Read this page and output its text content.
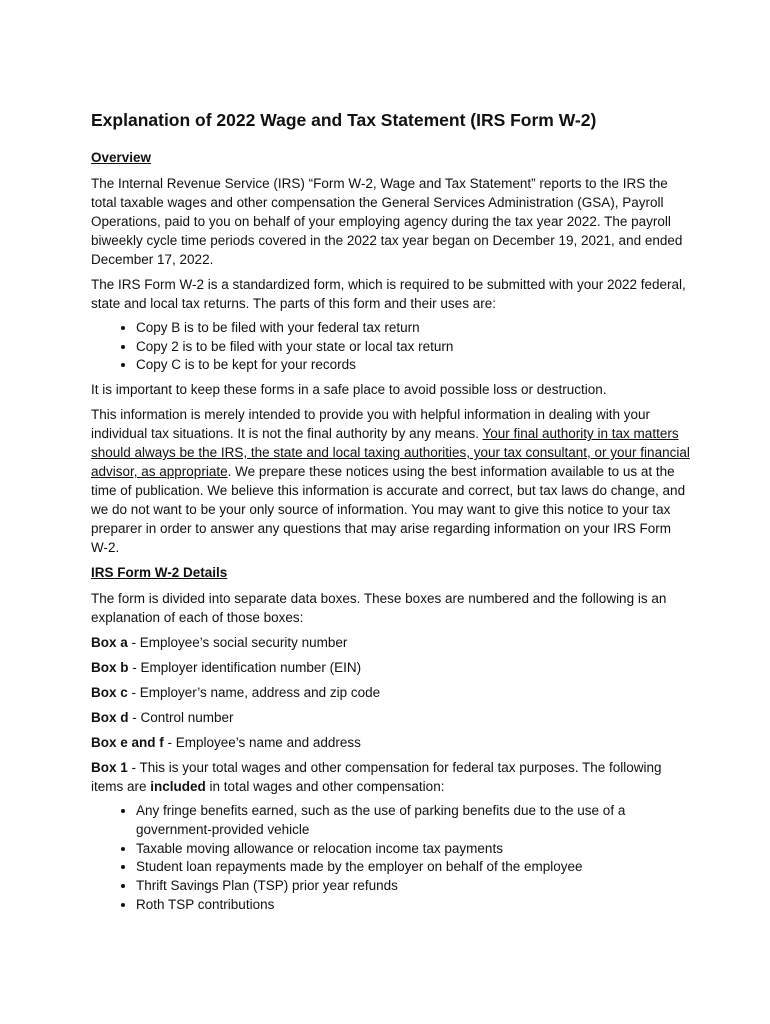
Explanation of 2022 Wage and Tax Statement (IRS Form W-2)
Overview

The Internal Revenue Service (IRS) “Form W-2, Wage and Tax Statement” reports to the IRS the total taxable wages and other compensation the General Services Administration (GSA), Payroll Operations, paid to you on behalf of your employing agency during the tax year 2022. The payroll biweekly cycle time periods covered in the 2022 tax year began on December 19, 2021, and ended December 17, 2022.

The IRS Form W-2 is a standardized form, which is required to be submitted with your 2022 federal, state and local tax returns. The parts of this form and their uses are:

• Copy B is to be filed with your federal tax return
• Copy 2 is to be filed with your state or local tax return
• Copy C is to be kept for your records

It is important to keep these forms in a safe place to avoid possible loss or destruction.

This information is merely intended to provide you with helpful information in dealing with your individual tax situations. It is not the final authority by any means. Your final authority in tax matters should always be the IRS, the state and local taxing authorities, your tax consultant, or your financial advisor, as appropriate. We prepare these notices using the best information available to us at the time of publication. We believe this information is accurate and correct, but tax laws do change, and we do not want to be your only source of information. You may want to give this notice to your tax preparer in order to answer any questions that may arise regarding information on your IRS Form W-2.

IRS Form W-2 Details

The form is divided into separate data boxes. These boxes are numbered and the following is an explanation of each of those boxes:

Box a - Employee’s social security number

Box b - Employer identification number (EIN)

Box c - Employer’s name, address and zip code

Box d - Control number

Box e and f - Employee’s name and address

Box 1 - This is your total wages and other compensation for federal tax purposes. The following items are included in total wages and other compensation:

• Any fringe benefits earned, such as the use of parking benefits due to the use of a government-provided vehicle
• Taxable moving allowance or relocation income tax payments
• Student loan repayments made by the employer on behalf of the employee
• Thrift Savings Plan (TSP) prior year refunds
• Roth TSP contributions
